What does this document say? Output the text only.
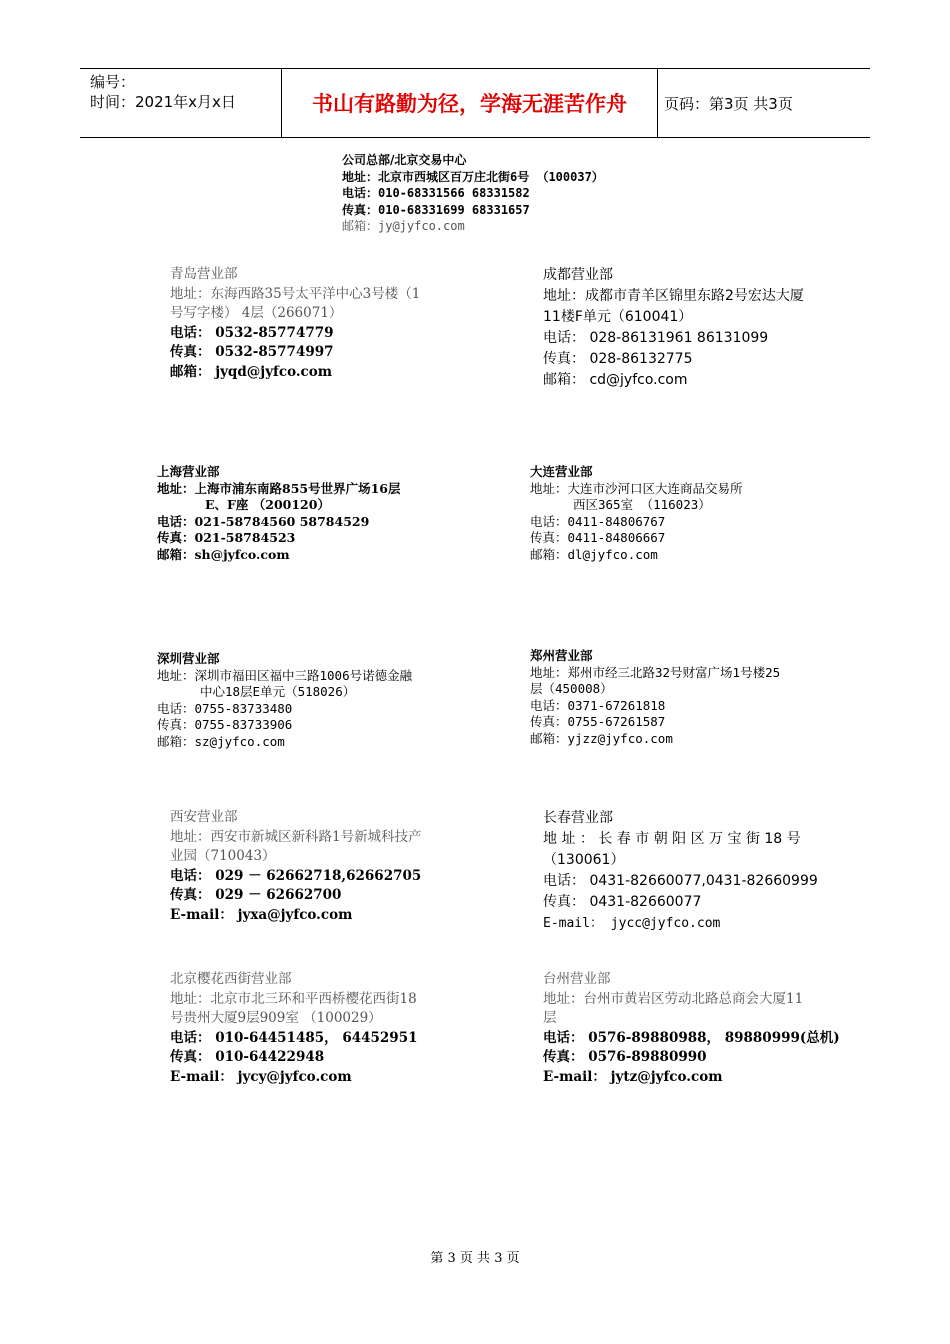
编号：
时间：2021年x月x日	书山有路勤为径，学海无涯苦作舟	页码：第3页 共3页
公司总部/北京交易中心
地址：北京市西城区百万庄北街6号 （100037）
电话：010-68331566 68331582
传真：010-68331699 68331657
邮箱：jy@jyfco.com
青岛营业部
地址：东海西路35号太平洋中心3号楼（1
号写字楼） 4层（266071）
电话： 0532-85774779
传真： 0532-85774997
邮箱： jyqd@jyfco.com
成都营业部
地址：成都市青羊区锦里东路2号宏达大厦
11楼F单元（610041）
电话： 028-86131961 86131099
传真： 028-86132775
邮箱： cd@jyfco.com
上海营业部
地址：上海市浦东南路855号世界广场16层
E、F座 （200120）
电话：021-58784560 58784529
传真：021-58784523
邮箱：sh@jyfco.com
大连营业部
地址：大连市沙河口区大连商品交易所
西区365室 （116023）
电话：0411-84806767
传真：0411-84806667
邮箱：dl@jyfco.com
深圳营业部
地址：深圳市福田区福中三路1006号诺德金融
中心18层E单元（518026）
电话：0755-83733480
传真：0755-83733906
邮箱：sz@jyfco.com
郑州营业部
地址：郑州市经三北路32号财富广场1号楼25
层（450008）
电话：0371-67261818
传真：0755-67261587
邮箱：yjzz@jyfco.com
西安营业部
地址：西安市新城区新科路1号新城科技产
业园（710043）
电话： 029 － 62662718,62662705
传真： 029 － 62662700
E-mail： jyxa@jyfco.com
长春营业部
地 址 ： 长 春 市 朝 阳 区 万 宝 街 18 号
（130061）
电话： 0431-82660077,0431-82660999
传真： 0431-82660077
E-mail： jycc@jyfco.com
北京樱花西街营业部
地址：北京市北三环和平西桥樱花西街18
号贵州大厦9层909室 （100029）
电话： 010-64451485， 64452951
传真： 010-64422948
E-mail： jycy@jyfco.com
台州营业部
地址：台州市黄岩区劳动北路总商会大厦11
层
电话： 0576-89880988， 89880999(总机)
传真： 0576-89880990
E-mail： jytz@jyfco.com
第 3 页 共 3 页
